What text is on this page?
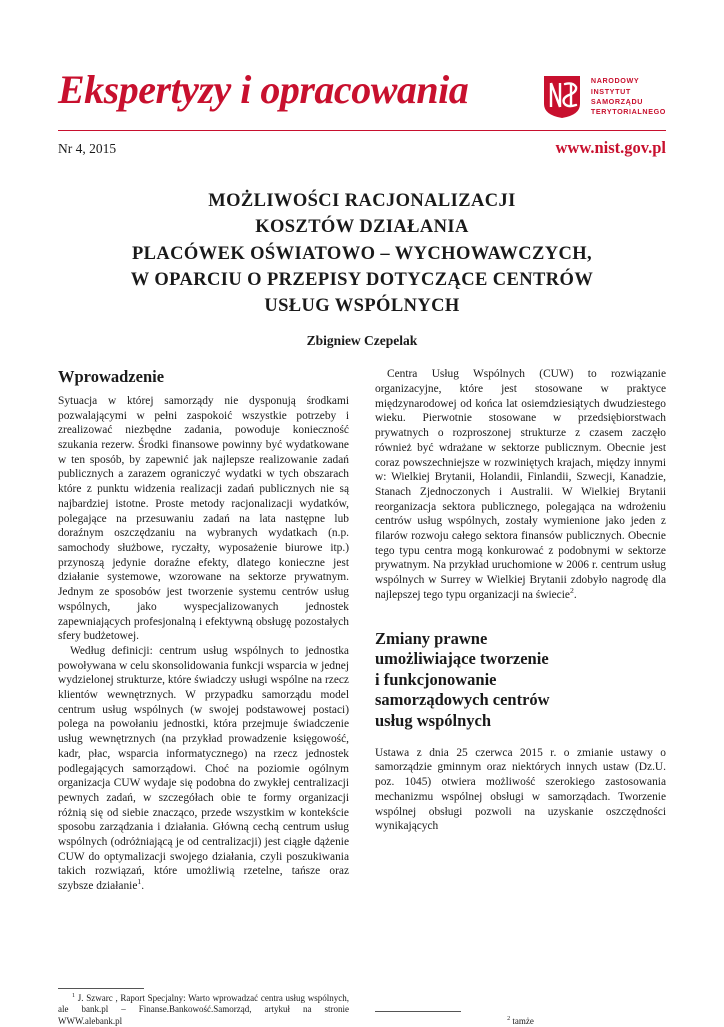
Ekspertyzy i opracowania	NARODOWY
INSTYTUT
SAMORZĄDU
TERYTORIALNEGO
Nr 4, 2015	www.nist.gov.pl
MOŻLIWOŚCI RACJONALIZACJI
KOSZTÓW DZIAŁANIA
PLACÓWEK OŚWIATOWO – WYCHOWAWCZYCH,
W OPARCIU O PRZEPISY DOTYCZĄCE CENTRÓW
USŁUG WSPÓLNYCH
Zbigniew Czepelak
Wprowadzenie

Sytuacja w której samorządy nie dysponują środkami pozwalającymi w pełni zaspokoić wszystkie potrzeby i zrealizować niezbędne zadania, powoduje konieczność szukania rezerw. Środki finansowe powinny być wydatkowane w ten sposób, by zapewnić jak najlepsze realizowanie zadań publicznych a zarazem ograniczyć wydatki w tych obszarach które z punktu widzenia realizacji zadań publicznych nie są najbardziej istotne. Proste metody racjonalizacji wydatków, polegające na przesuwaniu zadań na lata następne lub doraźnym oszczędzaniu na wybranych wydatkach (n.p. samochody służbowe, ryczałty, wyposażenie biurowe itp.) przynoszą jedynie doraźne efekty, dlatego konieczne jest działanie systemowe, wzorowane na sektorze prywatnym. Jednym ze sposobów jest tworzenie systemu centrów usług wspólnych, jako wyspecjalizowanych jednostek zapewniających profesjonalną i efektywną obsługę pozostałych sfery budżetowej.

Według definicji: centrum usług wspólnych to jednostka powoływana w celu skonsolidowania funkcji wsparcia w jednej wydzielonej strukturze, które świadczy usługi wspólne na rzecz klientów wewnętrznych. W przypadku samorządu model centrum usług wspólnych (w swojej podstawowej postaci) polega na powołaniu jednostki, która przejmuje świadczenie usług wewnętrznych (na przykład prowadzenie księgowość, kadr, płac, wsparcia informatycznego) na rzecz jednostek podlegających samorządowi. Choć na poziomie ogólnym organizacja CUW wydaje się podobna do zwykłej centralizacji pewnych zadań, w szczegółach obie te formy organizacji różnią się od siebie znacząco, przede wszystkim w kontekście sposobu zarządzania i działania. Główną cechą centrum usług wspólnych (odróżniającą je od centralizacji) jest ciągłe dążenie CUW do optymalizacji swojego działania, czyli poszukiwania takich rozwiązań, które umożliwią rzetelne, tańsze oraz szybsze działanie$^1$.

$^1$ J. Szwarc , Raport Specjalny: Warto wprowadzać centra usług wspólnych, ale bank.pl – Finanse.Bankowość.Samorząd, artykuł na stronie WWW.alebank.pl

Centra Usług Wspólnych (CUW) to rozwiązanie organizacyjne, które jest stosowane w praktyce międzynarodowej od końca lat osiemdziesiątych dwudziestego wieku. Pierwotnie stosowane w przedsiębiorstwach prywatnych o rozproszonej strukturze z czasem zaczęło również być wdrażane w sektorze publicznym. Obecnie jest coraz powszechniejsze w rozwiniętych krajach, między innymi w: Wielkiej Brytanii, Holandii, Finlandii, Szwecji, Kanadzie, Stanach Zjednoczonych i Australii. W Wielkiej Brytanii reorganizacja sektora publicznego, polegająca na wdrożeniu centrów usług wspólnych, zostały wymienione jako jeden z filarów rozwoju całego sektora finansów publicznych. Obecnie tego typu centra mogą konkurować z podobnymi w sektorze prywatnym. Na przykład uruchomione w 2006 r. centrum usług wspólnych w Surrey w Wielkiej Brytanii zdobyło nagrodę dla najlepszej tego typu organizacji na świecie$^2$.

Zmiany prawne
umożliwiające tworzenie
i funkcjonowanie
samorządowych centrów
usług wspólnych

Ustawa z dnia 25 czerwca 2015 r. o zmianie ustawy o samorządzie gminnym oraz niektórych innych ustaw (Dz.U. poz. 1045) otwiera możliwość szerokiego zastosowania mechanizmu wspólnej obsługi w samorządach. Tworzenie wspólnej obsługi pozwoli na uzyskanie oszczędności wynikających

$^2$ tamże
